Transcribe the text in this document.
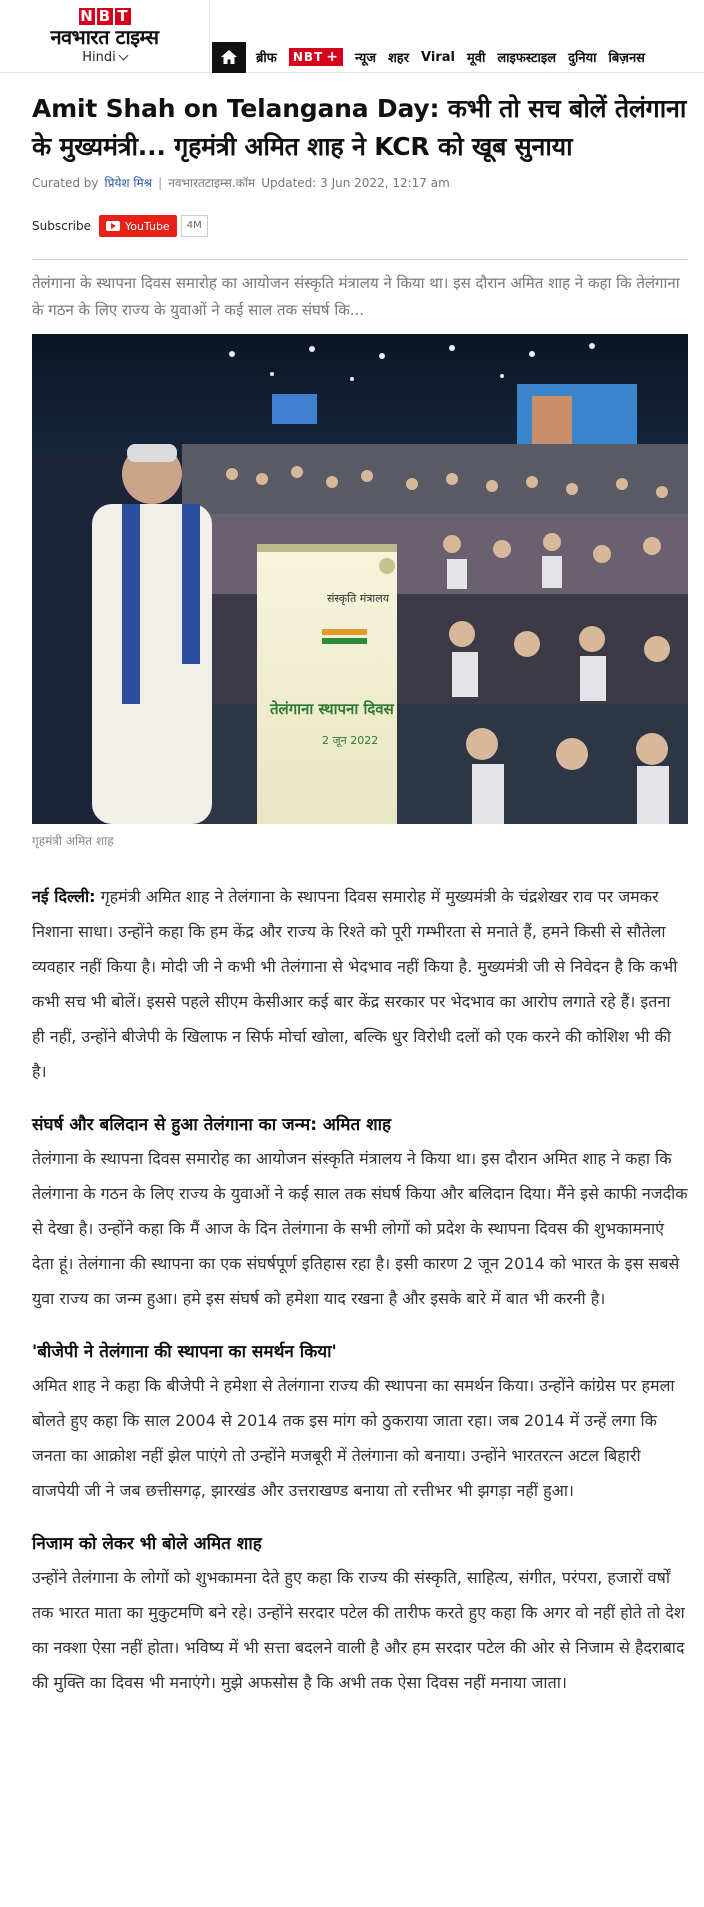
N B T
नवभारत टाइम्स
Hindi	ब्रीफ NBT + न्यूज शहर Viral मूवी लाइफस्टाइल दुनिया बिज़नस
Amit Shah on Telangana Day: कभी तो सच बोलें तेलंगाना के मुख्यमंत्री... गृहमंत्री अमित शाह ने KCR को खूब सुनाया
Curated by प्रियेश मिश्र | नवभारतटाइम्स.कॉम Updated: 3 Jun 2022, 12:17 am
Subscribe	YouTube	4M
तेलंगाना के स्थापना दिवस समारोह का आयोजन संस्कृति मंत्रालय ने किया था। इस दौरान अमित शाह ने कहा कि तेलंगाना के गठन के लिए राज्य के युवाओं ने कई साल तक संघर्ष कि...
संस्कृति मंत्रालय
तेलंगाना स्थापना दिवस
2 जून 2022
गृहमंत्री अमित शाह

नई दिल्ली: गृहमंत्री अमित शाह ने तेलंगाना के स्थापना दिवस समारोह में मुख्यमंत्री के चंद्रशेखर राव पर जमकर निशाना साधा। उन्होंने कहा कि हम केंद्र और राज्य के रिश्ते को पूरी गम्भीरता से मनाते हैं, हमने किसी से सौतेला व्यवहार नहीं किया है। मोदी जी ने कभी भी तेलंगाना से भेदभाव नहीं किया है. मुख्यमंत्री जी से निवेदन है कि कभी कभी सच भी बोलें। इससे पहले सीएम केसीआर कई बार केंद्र सरकार पर भेदभाव का आरोप लगाते रहे हैं। इतना ही नहीं, उन्होंने बीजेपी के खिलाफ न सिर्फ मोर्चा खोला, बल्कि धुर विरोधी दलों को एक करने की कोशिश भी की है।

संघर्ष और बलिदान से हुआ तेलंगाना का जन्म: अमित शाह

तेलंगाना के स्थापना दिवस समारोह का आयोजन संस्कृति मंत्रालय ने किया था। इस दौरान अमित शाह ने कहा कि तेलंगाना के गठन के लिए राज्य के युवाओं ने कई साल तक संघर्ष किया और बलिदान दिया। मैंने इसे काफी नजदीक से देखा है। उन्होंने कहा कि मैं आज के दिन तेलंगाना के सभी लोगों को प्रदेश के स्थापना दिवस की शुभकामनाएं देता हूं। तेलंगाना की स्थापना का एक संघर्षपूर्ण इतिहास रहा है। इसी कारण 2 जून 2014 को भारत के इस सबसे युवा राज्य का जन्म हुआ। हमे इस संघर्ष को हमेशा याद रखना है और इसके बारे में बात भी करनी है।

'बीजेपी ने तेलंगाना की स्थापना का समर्थन किया'

अमित शाह ने कहा कि बीजेपी ने हमेशा से तेलंगाना राज्य की स्थापना का समर्थन किया। उन्होंने कांग्रेस पर हमला बोलते हुए कहा कि साल 2004 से 2014 तक इस मांग को ठुकराया जाता रहा। जब 2014 में उन्हें लगा कि जनता का आक्रोश नहीं झेल पाएंगे तो उन्होंने मजबूरी में तेलंगाना को बनाया। उन्होंने भारतरत्न अटल बिहारी वाजपेयी जी ने जब छत्तीसगढ़, झारखंड और उत्तराखण्ड बनाया तो रत्तीभर भी झगड़ा नहीं हुआ।

निजाम को लेकर भी बोले अमित शाह

उन्होंने तेलंगाना के लोगों को शुभकामना देते हुए कहा कि राज्य की संस्कृति, साहित्य, संगीत, परंपरा, हजारों वर्षों तक भारत माता का मुकुटमणि बने रहे। उन्होंने सरदार पटेल की तारीफ करते हुए कहा कि अगर वो नहीं होते तो देश का नक्शा ऐसा नहीं होता। भविष्य में भी सत्ता बदलने वाली है और हम सरदार पटेल की ओर से निजाम से हैदराबाद की मुक्ति का दिवस भी मनाएंगे। मुझे अफसोस है कि अभी तक ऐसा दिवस नहीं मनाया जाता।
